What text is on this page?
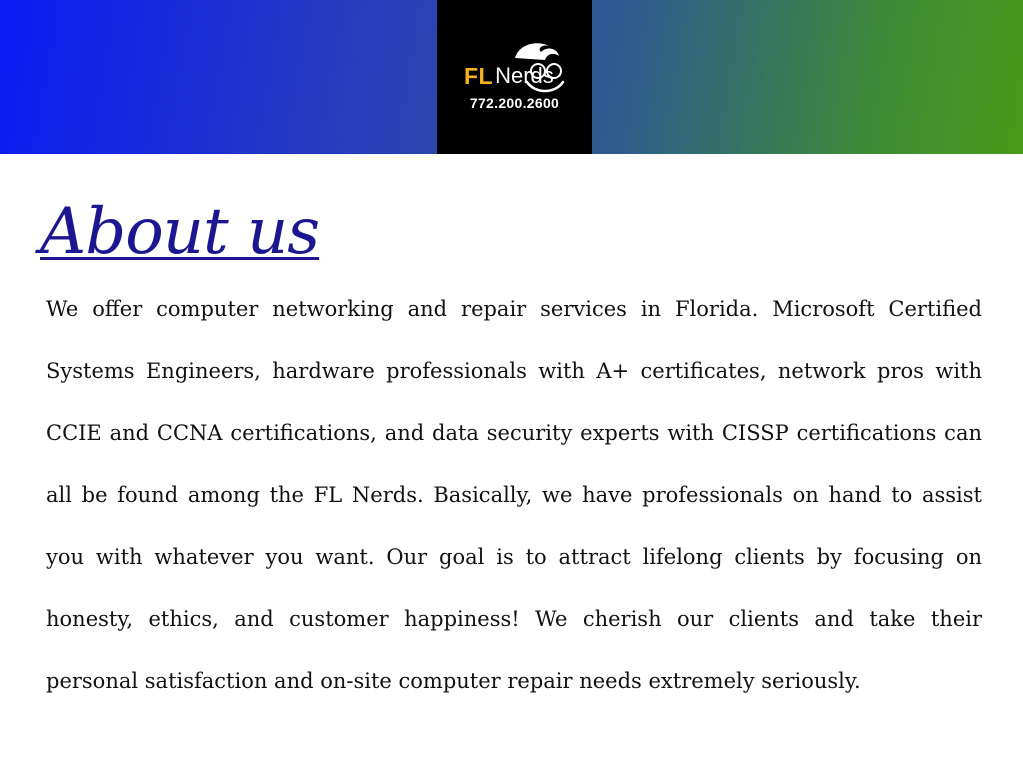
FL Nerds
772.200.2600
About us

We offer computer networking and repair services in Florida. Microsoft Certified Systems Engineers, hardware professionals with A+ certificates, network pros with CCIE and CCNA certifications, and data security experts with CISSP certifications can all be found among the FL Nerds. Basically, we have professionals on hand to assist you with whatever you want. Our goal is to attract lifelong clients by focusing on honesty, ethics, and customer happiness! We cherish our clients and take their personal satisfaction and on-site computer repair needs extremely seriously.
